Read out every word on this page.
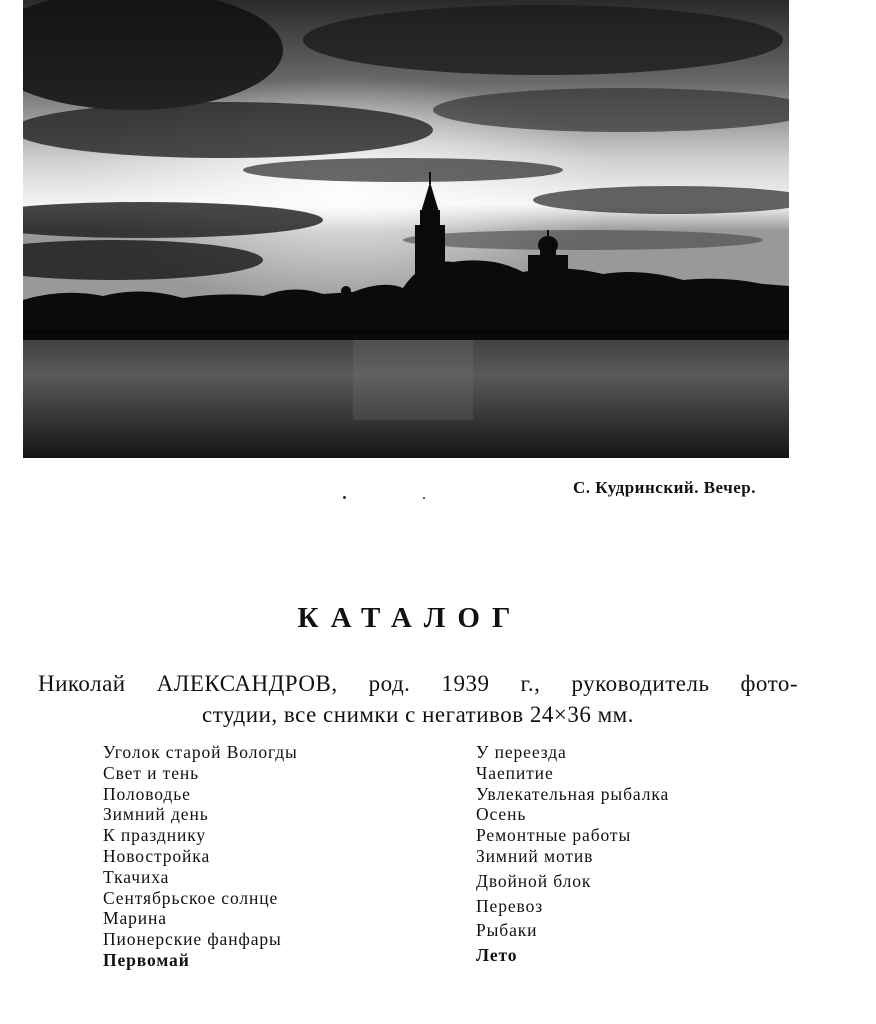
С. Кудринский. Вечер.
КАТАЛОГ
Николай АЛЕКСАНДРОВ, род. 1939 г., руководитель фото-
студии, все снимки с негативов 24×36 мм.
Уголок старой Вологды
Свет и тень
Половодье
Зимний день
К празднику
Новостройка
Ткачиха
Сентябрьское солнце
Марина
Пионерские фанфары
Первомай
У переезда
Чаепитие
Увлекательная рыбалка
Осень
Ремонтные работы
Зимний мотив
Двойной блок
Перевоз
Рыбаки
Лето
